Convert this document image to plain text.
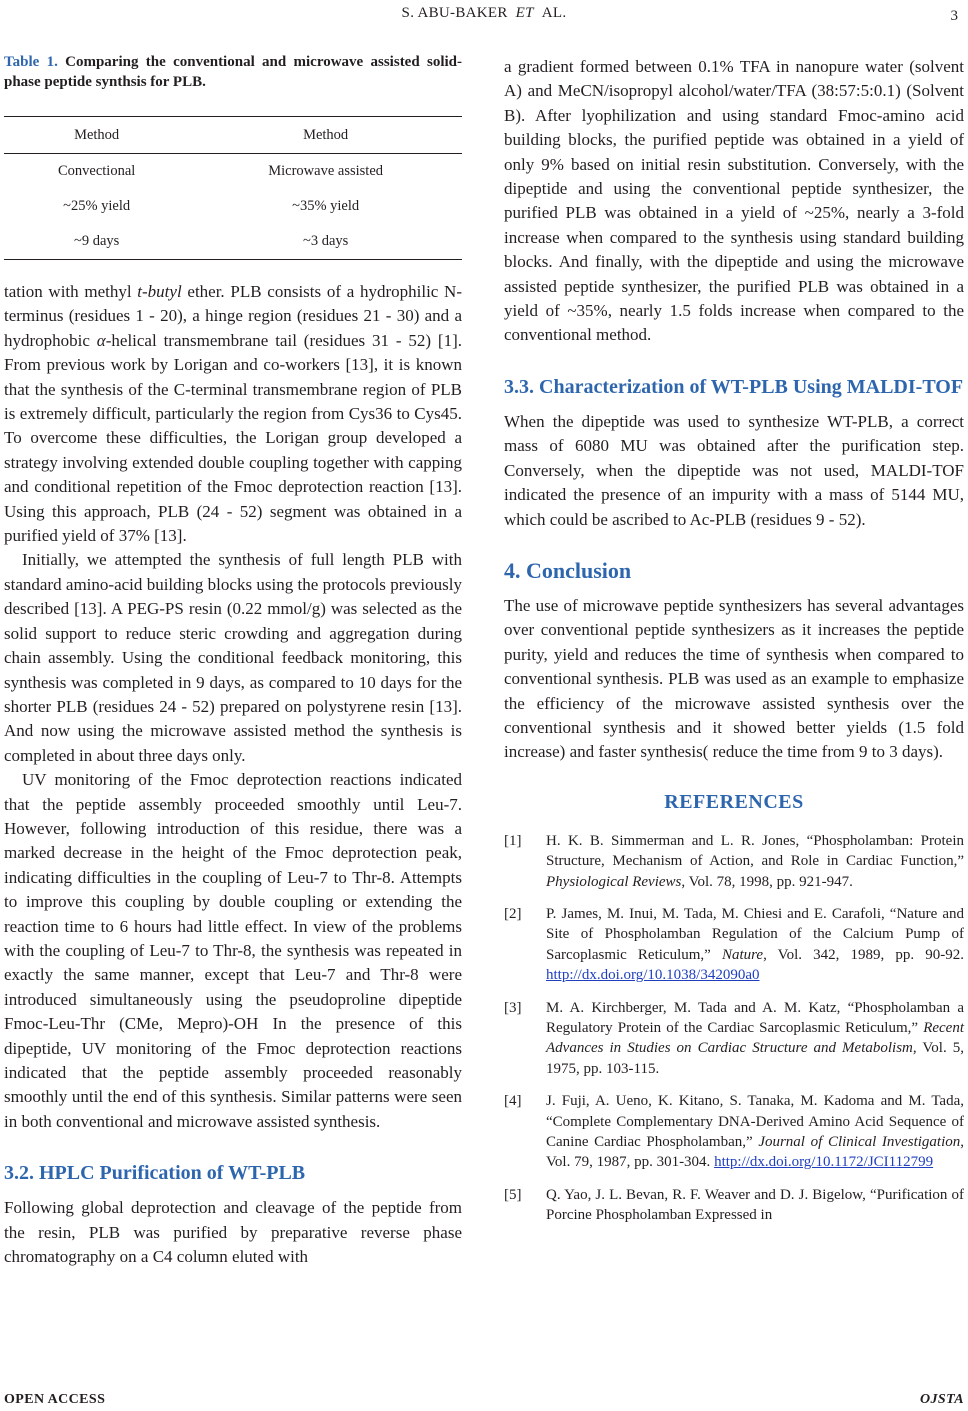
S. ABU-BAKER ET AL.	3
Table 1. Comparing the conventional and microwave assisted solid-phase peptide synthsis for PLB.
Method	Method
Convectional	Microwave assisted
~25% yield	~35% yield
~9 days	~3 days

tation with methyl t-butyl ether. PLB consists of a hydrophilic N-terminus (residues 1 - 20), a hinge region (residues 21 - 30) and a hydrophobic α-helical transmembrane tail (residues 31 - 52) [1]. From previous work by Lorigan and co-workers [13], it is known that the synthesis of the C-terminal transmembrane region of PLB is extremely difficult, particularly the region from Cys36 to Cys45. To overcome these difficulties, the Lorigan group developed a strategy involving extended double coupling together with capping and conditional repetition of the Fmoc deprotection reaction [13]. Using this approach, PLB (24 - 52) segment was obtained in a purified yield of 37% [13].

Initially, we attempted the synthesis of full length PLB with standard amino-acid building blocks using the protocols previously described [13]. A PEG-PS resin (0.22 mmol/g) was selected as the solid support to reduce steric crowding and aggregation during chain assembly. Using the conditional feedback monitoring, this synthesis was completed in 9 days, as compared to 10 days for the shorter PLB (residues 24 - 52) prepared on polystyrene resin [13]. And now using the microwave assisted method the synthesis is completed in about three days only.

UV monitoring of the Fmoc deprotection reactions indicated that the peptide assembly proceeded smoothly until Leu-7. However, following introduction of this residue, there was a marked decrease in the height of the Fmoc deprotection peak, indicating difficulties in the coupling of Leu-7 to Thr-8. Attempts to improve this coupling by double coupling or extending the reaction time to 6 hours had little effect. In view of the problems with the coupling of Leu-7 to Thr-8, the synthesis was repeated in exactly the same manner, except that Leu-7 and Thr-8 were introduced simultaneously using the pseudoproline dipeptide Fmoc-Leu-Thr (CMe, Mepro)-OH In the presence of this dipeptide, UV monitoring of the Fmoc deprotection reactions indicated that the peptide assembly proceeded reasonably smoothly until the end of this synthesis. Similar patterns were seen in both conventional and microwave assisted synthesis.

3.2. HPLC Purification of WT-PLB

Following global deprotection and cleavage of the peptide from the resin, PLB was purified by preparative reverse phase chromatography on a C4 column eluted with

a gradient formed between 0.1% TFA in nanopure water (solvent A) and MeCN/isopropyl alcohol/water/TFA (38:57:5:0.1) (Solvent B). After lyophilization and using standard Fmoc-amino acid building blocks, the purified peptide was obtained in a yield of only 9% based on initial resin substitution. Conversely, with the dipeptide and using the conventional peptide synthesizer, the purified PLB was obtained in a yield of ~25%, nearly a 3-fold increase when compared to the synthesis using standard building blocks. And finally, with the dipeptide and using the microwave assisted peptide synthesizer, the purified PLB was obtained in a yield of ~35%, nearly 1.5 folds increase when compared to the conventional method.

3.3. Characterization of WT-PLB Using MALDI-TOF

When the dipeptide was used to synthesize WT-PLB, a correct mass of 6080 MU was obtained after the purification step. Conversely, when the dipeptide was not used, MALDI-TOF indicated the presence of an impurity with a mass of 5144 MU, which could be ascribed to Ac-PLB (residues 9 - 52).

4. Conclusion

The use of microwave peptide synthesizers has several advantages over conventional peptide synthesizers as it increases the peptide purity, yield and reduces the time of synthesis when compared to conventional synthesis. PLB was used as an example to emphasize the efficiency of the microwave assisted synthesis over the conventional synthesis and it showed better yields (1.5 fold increase) and faster synthesis( reduce the time from 9 to 3 days).

REFERENCES
[1] H. K. B. Simmerman and L. R. Jones, “Phospholamban: Protein Structure, Mechanism of Action, and Role in Cardiac Function,” Physiological Reviews, Vol. 78, 1998, pp. 921-947.
[2] P. James, M. Inui, M. Tada, M. Chiesi and E. Carafoli, “Nature and Site of Phospholamban Regulation of the Calcium Pump of Sarcoplasmic Reticulum,” Nature, Vol. 342, 1989, pp. 90-92. http://dx.doi.org/10.1038/342090a0
[3] M. A. Kirchberger, M. Tada and A. M. Katz, “Phospholamban a Regulatory Protein of the Cardiac Sarcoplasmic Reticulum,” Recent Advances in Studies on Cardiac Structure and Metabolism, Vol. 5, 1975, pp. 103-115.
[4] J. Fuji, A. Ueno, K. Kitano, S. Tanaka, M. Kadoma and M. Tada, “Complete Complementary DNA-Derived Amino Acid Sequence of Canine Cardiac Phospholamban,” Journal of Clinical Investigation, Vol. 79, 1987, pp. 301-304. http://dx.doi.org/10.1172/JCI112799
[5] Q. Yao, J. L. Bevan, R. F. Weaver and D. J. Bigelow, “Purification of Porcine Phospholamban Expressed in
OPEN ACCESS	OJSTA
